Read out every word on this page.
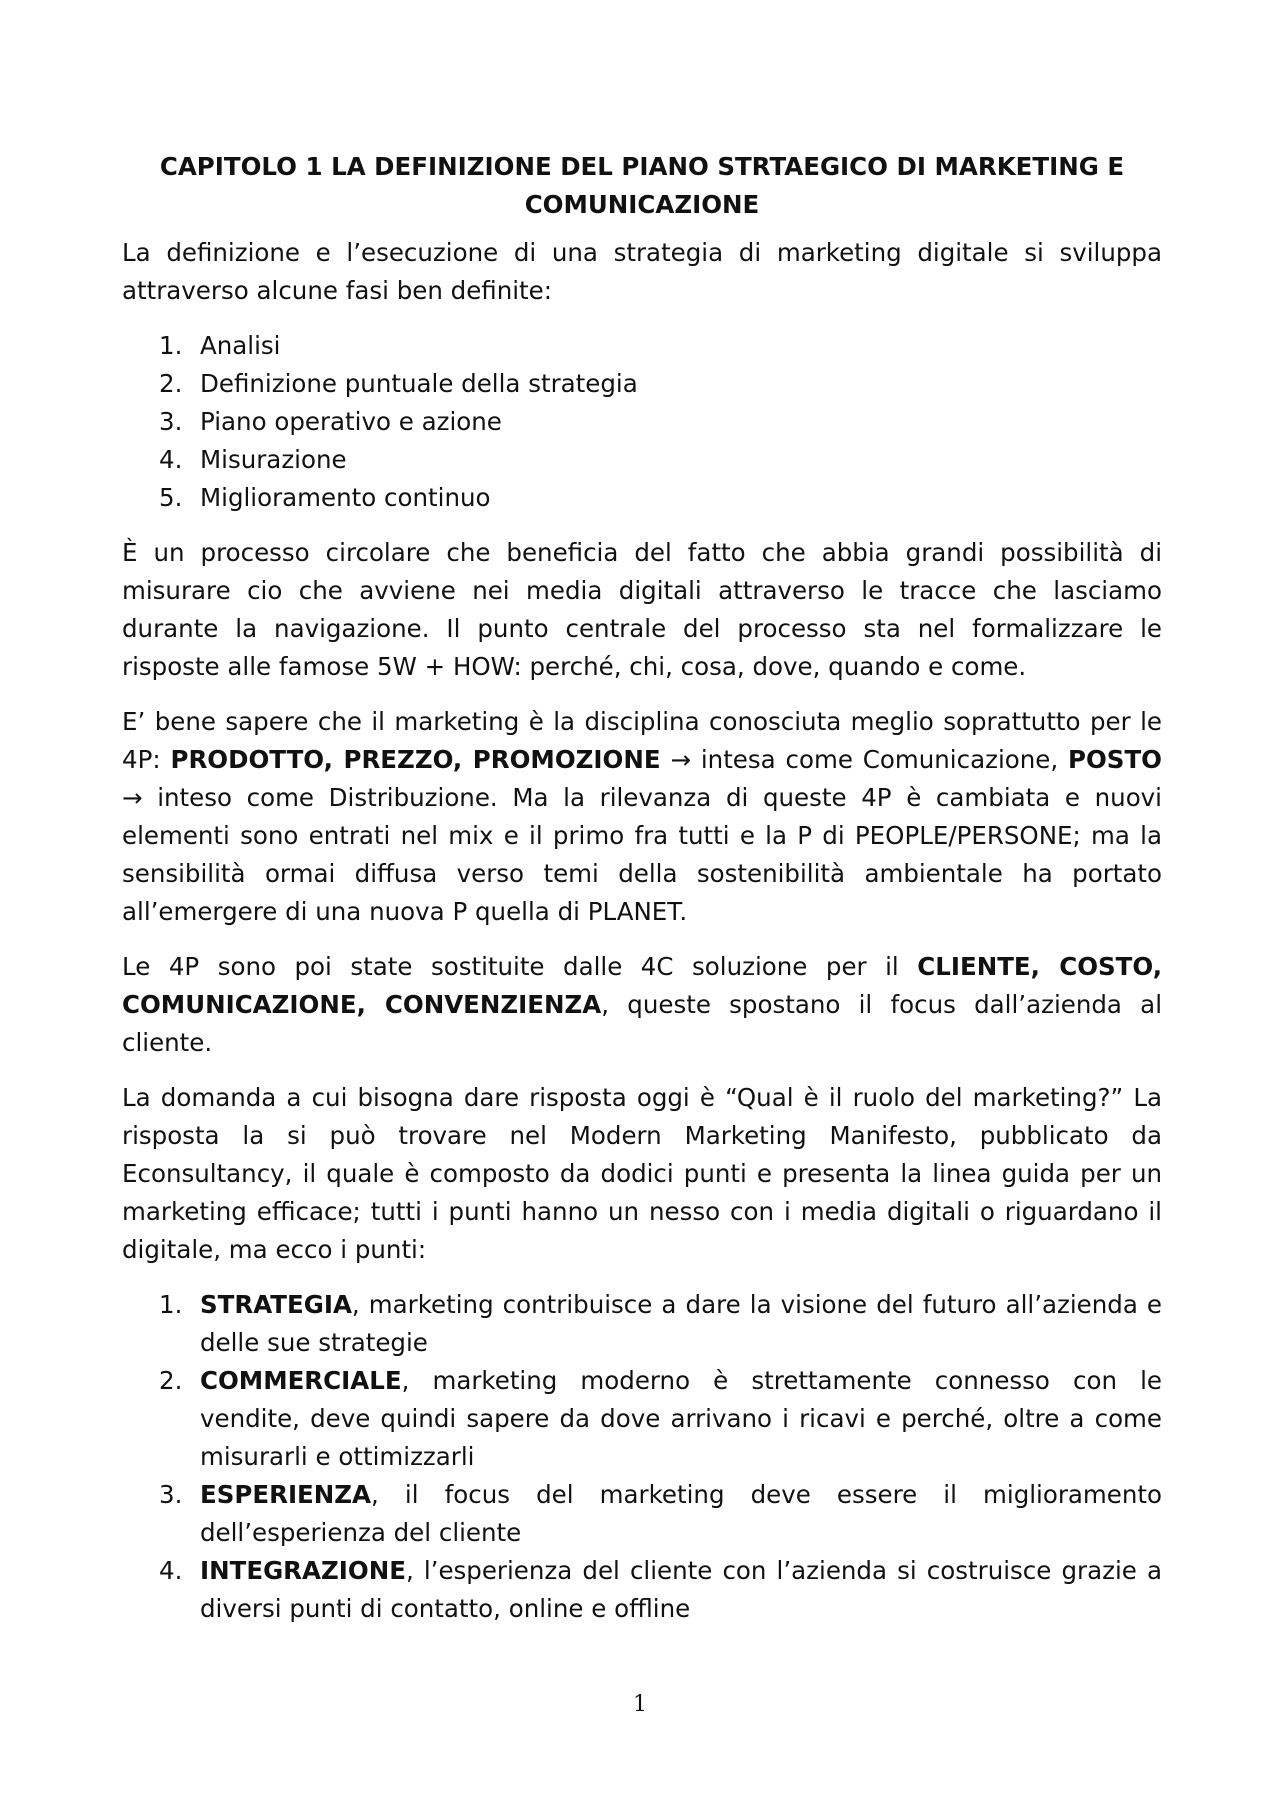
CAPITOLO 1 LA DEFINIZIONE DEL PIANO STRTAEGICO DI MARKETING E COMUNICAZIONE

La definizione e l’esecuzione di una strategia di marketing digitale si sviluppa attraverso alcune fasi ben definite:

1. Analisi
2. Definizione puntuale della strategia
3. Piano operativo e azione
4. Misurazione
5. Miglioramento continuo

È un processo circolare che beneficia del fatto che abbia grandi possibilità di misurare cio che avviene nei media digitali attraverso le tracce che lasciamo durante la navigazione. Il punto centrale del processo sta nel formalizzare le risposte alle famose 5W + HOW: perché, chi, cosa, dove, quando e come.

E’ bene sapere che il marketing è la disciplina conosciuta meglio soprattutto per le 4P: PRODOTTO, PREZZO, PROMOZIONE → intesa come Comunicazione, POSTO → inteso come Distribuzione. Ma la rilevanza di queste 4P è cambiata e nuovi elementi sono entrati nel mix e il primo fra tutti e la P di PEOPLE/PERSONE; ma la sensibilità ormai diffusa verso temi della sostenibilità ambientale ha portato all’emergere di una nuova P quella di PLANET.

Le 4P sono poi state sostituite dalle 4C soluzione per il CLIENTE, COSTO, COMUNICAZIONE, CONVENZIENZA, queste spostano il focus dall’azienda al cliente.

La domanda a cui bisogna dare risposta oggi è “Qual è il ruolo del marketing?” La risposta la si può trovare nel Modern Marketing Manifesto, pubblicato da Econsultancy, il quale è composto da dodici punti e presenta la linea guida per un marketing efficace; tutti i punti hanno un nesso con i media digitali o riguardano il digitale, ma ecco i punti:

1. STRATEGIA, marketing contribuisce a dare la visione del futuro all’azienda e delle sue strategie
2. COMMERCIALE, marketing moderno è strettamente connesso con le vendite, deve quindi sapere da dove arrivano i ricavi e perché, oltre a come misurarli e ottimizzarli
3. ESPERIENZA, il focus del marketing deve essere il miglioramento dell’esperienza del cliente
4. INTEGRAZIONE, l’esperienza del cliente con l’azienda si costruisce grazie a diversi punti di contatto, online e offline
1
